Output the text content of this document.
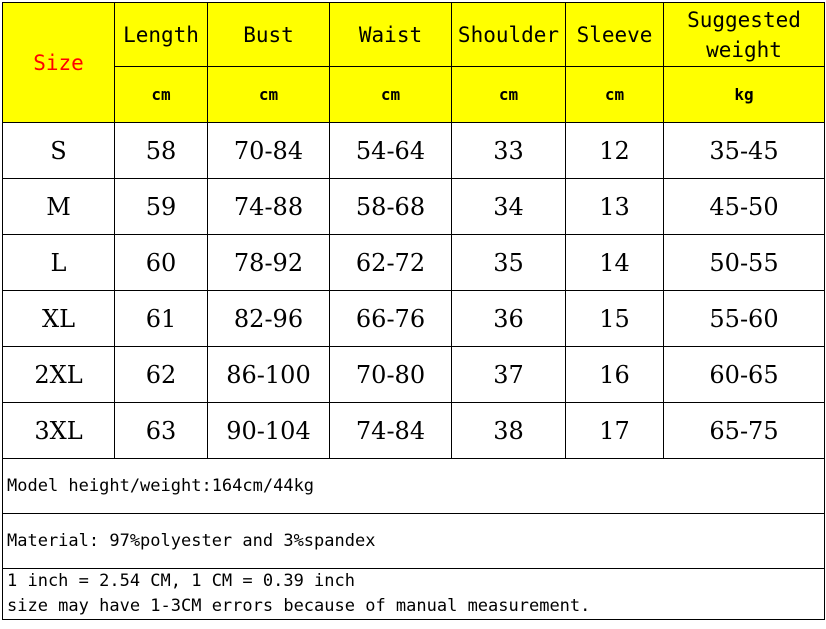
Size	Length	Bust	Waist	Shoulder	Sleeve	Suggested
weight

	cm	cm	cm	cm	cm	kg
S	58	70-84	54-64	33	12	35-45
M	59	74-88	58-68	34	13	45-50
L	60	78-92	62-72	35	14	50-55
XL	61	82-96	66-76	36	15	55-60
2XL	62	86-100	70-80	37	16	60-65
3XL	63	90-104	74-84	38	17	65-75
Model height/weight:164cm/44kg						
Material: 97%polyester and 3%spandex						

1 inch = 2.54 CM, 1 CM = 0.39 inch
size may have 1-3CM errors because of manual measurement.						
